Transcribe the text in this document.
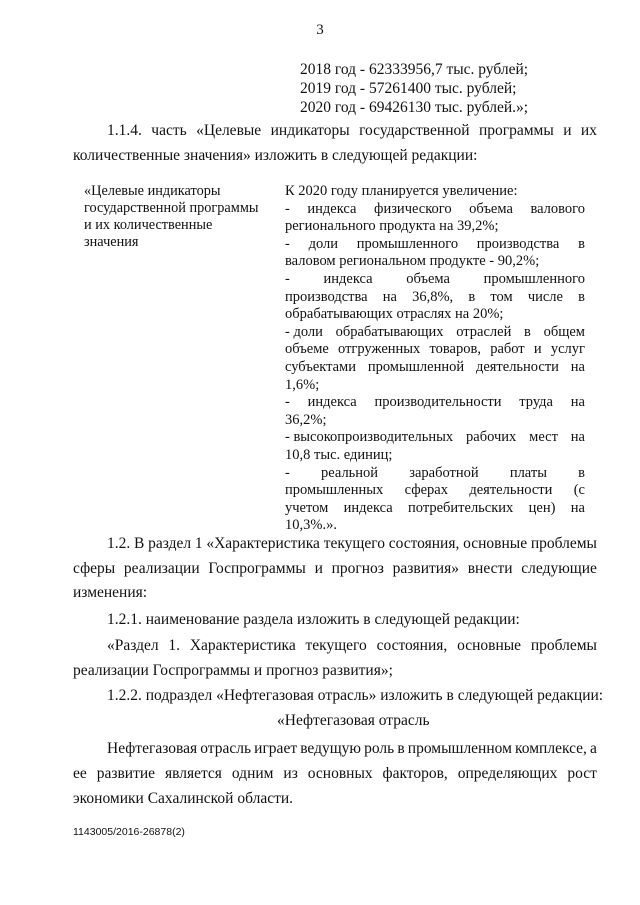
3
2018 год - 62333956,7 тыс. рублей;
2019 год - 57261400 тыс. рублей;
2020 год - 69426130 тыс. рублей.»;
1.1.4. часть «Целевые индикаторы государственной программы и их
количественные значения» изложить в следующей редакции:
«Целевые индикаторы
государственной программы
и их количественные
значения
К 2020 году планируется увеличение:
- индекса физического объема валового
регионального продукта на 39,2%;
- доли промышленного производства в
валовом региональном продукте - 90,2%;
- индекса объема промышленного
производства на 36,8%, в том числе в
обрабатывающих отраслях на 20%;
- доли обрабатывающих отраслей в общем
объеме отгруженных товаров, работ и услуг
субъектами промышленной деятельности на
1,6%;
- индекса производительности труда на
36,2%;
- высокопроизводительных рабочих мест на
10,8 тыс. единиц;
- реальной заработной платы в
промышленных сферах деятельности (с
учетом индекса потребительских цен) на
10,3%.».
1.2. В раздел 1 «Характеристика текущего состояния, основные проблемы
сферы реализации Госпрограммы и прогноз развития» внести следующие
изменения:
1.2.1. наименование раздела изложить в следующей редакции:
«Раздел 1. Характеристика текущего состояния, основные проблемы
реализации Госпрограммы и прогноз развития»;
1.2.2. подраздел «Нефтегазовая отрасль» изложить в следующей редакции:
«Нефтегазовая отрасль
Нефтегазовая отрасль играет ведущую роль в промышленном комплексе, а
ее развитие является одним из основных факторов, определяющих рост
экономики Сахалинской области.
1143005/2016-26878(2)
